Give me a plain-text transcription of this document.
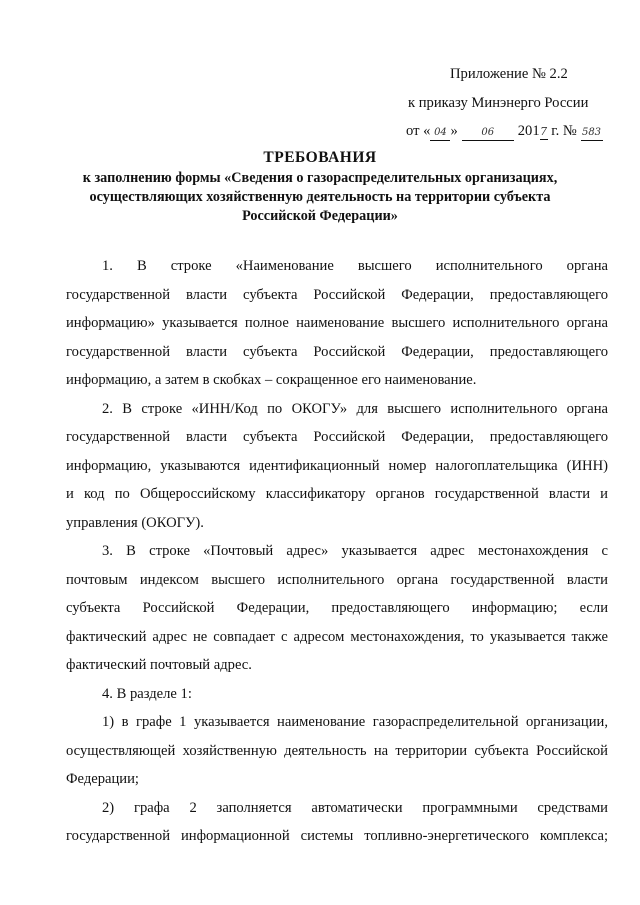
Приложение № 2.2
к приказу Минэнерго России
от « 04 » 06 2017 г. № 583
ТРЕБОВАНИЯ
к заполнению формы «Сведения о газораспределительных организациях,
осуществляющих хозяйственную деятельность на территории субъекта
Российской Федерации»
1. В строке «Наименование высшего исполнительного органа
государственной власти субъекта Российской Федерации, предоставляющего
информацию» указывается полное наименование высшего исполнительного органа
государственной власти субъекта Российской Федерации, предоставляющего
информацию, а затем в скобках – сокращенное его наименование.
2. В строке «ИНН/Код по ОКОГУ» для высшего исполнительного органа
государственной власти субъекта Российской Федерации, предоставляющего
информацию, указываются идентификационный номер налогоплательщика (ИНН)
и код по Общероссийскому классификатору органов государственной власти и
управления (ОКОГУ).
3. В строке «Почтовый адрес» указывается адрес местонахождения с
почтовым индексом высшего исполнительного органа государственной власти
субъекта Российской Федерации, предоставляющего информацию; если
фактический адрес не совпадает с адресом местонахождения, то указывается также
фактический почтовый адрес.
4. В разделе 1:
1) в графе 1 указывается наименование газораспределительной организации,
осуществляющей хозяйственную деятельность на территории субъекта Российской
Федерации;
2) графа 2 заполняется автоматически программными средствами
государственной информационной системы топливно-энергетического комплекса;
